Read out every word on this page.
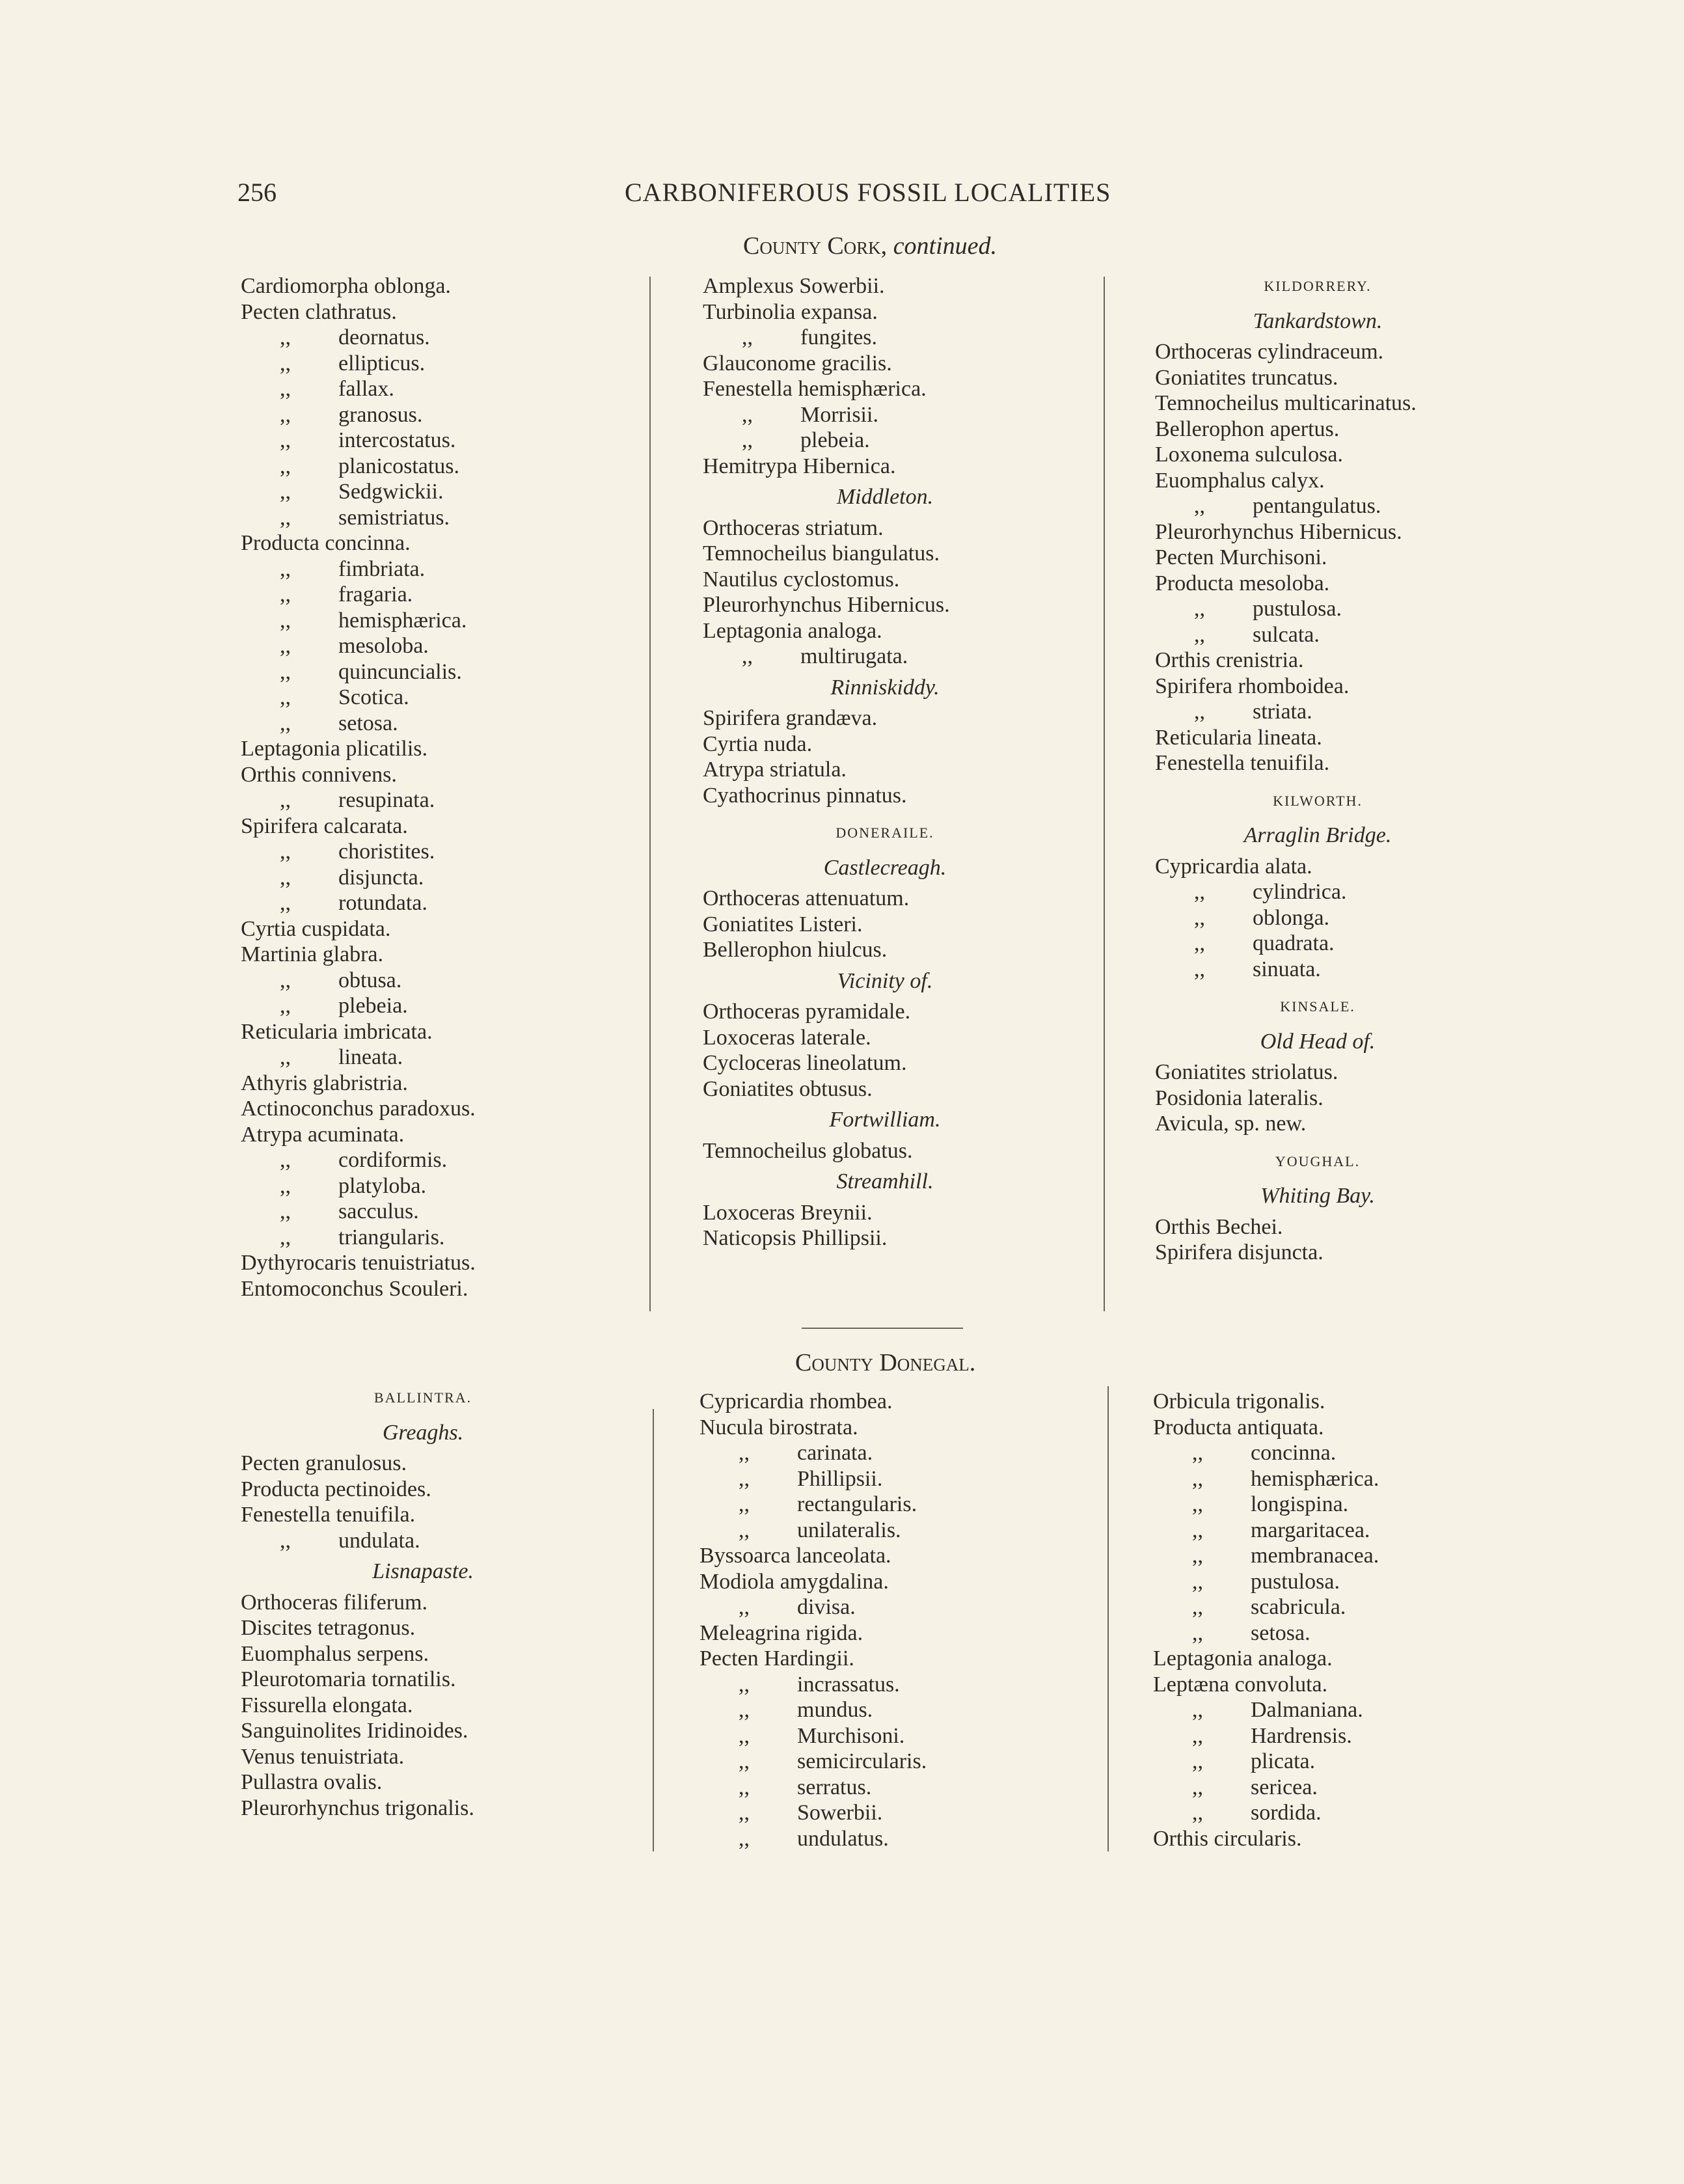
256	CARBONIFEROUS FOSSIL LOCALITIES
County Cork, continued.
Cardiomorpha oblonga.
Pecten clathratus.
,, deornatus.
,, ellipticus.
,, fallax.
,, granosus.
,, intercostatus.
,, planicostatus.
,, Sedgwickii.
,, semistriatus.
Producta concinna.
,, fimbriata.
,, fragaria.
,, hemisphærica.
,, mesoloba.
,, quincuncialis.
,, Scotica.
,, setosa.
Leptagonia plicatilis.
Orthis connivens.
,, resupinata.
Spirifera calcarata.
,, choristites.
,, disjuncta.
,, rotundata.
Cyrtia cuspidata.
Martinia glabra.
,, obtusa.
,, plebeia.
Reticularia imbricata.
,, lineata.
Athyris glabristria.
Actinoconchus paradoxus.
Atrypa acuminata.
,, cordiformis.
,, platyloba.
,, sacculus.
,, triangularis.
Dythyrocaris tenuistriatus.
Entomoconchus Scouleri.
Amplexus Sowerbii.
Turbinolia expansa.
,, fungites.
Glauconome gracilis.
Fenestella hemisphærica.
,, Morrisii.
,, plebeia.
Hemitrypa Hibernica.
Middleton.
Orthoceras striatum.
Temnocheilus biangulatus.
Nautilus cyclostomus.
Pleurorhynchus Hibernicus.
Leptagonia analoga.
,, multirugata.
Rinniskiddy.
Spirifera grandæva.
Cyrtia nuda.
Atrypa striatula.
Cyathocrinus pinnatus.
DONERAILE.
Castlecreagh.
Orthoceras attenuatum.
Goniatites Listeri.
Bellerophon hiulcus.
Vicinity of.
Orthoceras pyramidale.
Loxoceras laterale.
Cycloceras lineolatum.
Goniatites obtusus.
Fortwilliam.
Temnocheilus globatus.
Streamhill.
Loxoceras Breynii.
Naticopsis Phillipsii.
KILDORRERY.
Tankardstown.
Orthoceras cylindraceum.
Goniatites truncatus.
Temnocheilus multicarinatus.
Bellerophon apertus.
Loxonema sulculosa.
Euomphalus calyx.
,, pentangulatus.
Pleurorhynchus Hibernicus.
Pecten Murchisoni.
Producta mesoloba.
,, pustulosa.
,, sulcata.
Orthis crenistria.
Spirifera rhomboidea.
,, striata.
Reticularia lineata.
Fenestella tenuifila.
KILWORTH.
Arraglin Bridge.
Cypricardia alata.
,, cylindrica.
,, oblonga.
,, quadrata.
,, sinuata.
KINSALE.
Old Head of.
Goniatites striolatus.
Posidonia lateralis.
Avicula, sp. new.
YOUGHAL.
Whiting Bay.
Orthis Bechei.
Spirifera disjuncta.
County Donegal.
BALLINTRA.
Greaghs.
Pecten granulosus.
Producta pectinoides.
Fenestella tenuifila.
,, undulata.
Lisnapaste.
Orthoceras filiferum.
Discites tetragonus.
Euomphalus serpens.
Pleurotomaria tornatilis.
Fissurella elongata.
Sanguinolites Iridinoides.
Venus tenuistriata.
Pullastra ovalis.
Pleurorhynchus trigonalis.
Cypricardia rhombea.
Nucula birostrata.
,, carinata.
,, Phillipsii.
,, rectangularis.
,, unilateralis.
Byssoarca lanceolata.
Modiola amygdalina.
,, divisa.
Meleagrina rigida.
Pecten Hardingii.
,, incrassatus.
,, mundus.
,, Murchisoni.
,, semicircularis.
,, serratus.
,, Sowerbii.
,, undulatus.
Orbicula trigonalis.
Producta antiquata.
,, concinna.
,, hemisphærica.
,, longispina.
,, margaritacea.
,, membranacea.
,, pustulosa.
,, scabricula.
,, setosa.
Leptagonia analoga.
Leptæna convoluta.
,, Dalmaniana.
,, Hardrensis.
,, plicata.
,, sericea.
,, sordida.
Orthis circularis.
